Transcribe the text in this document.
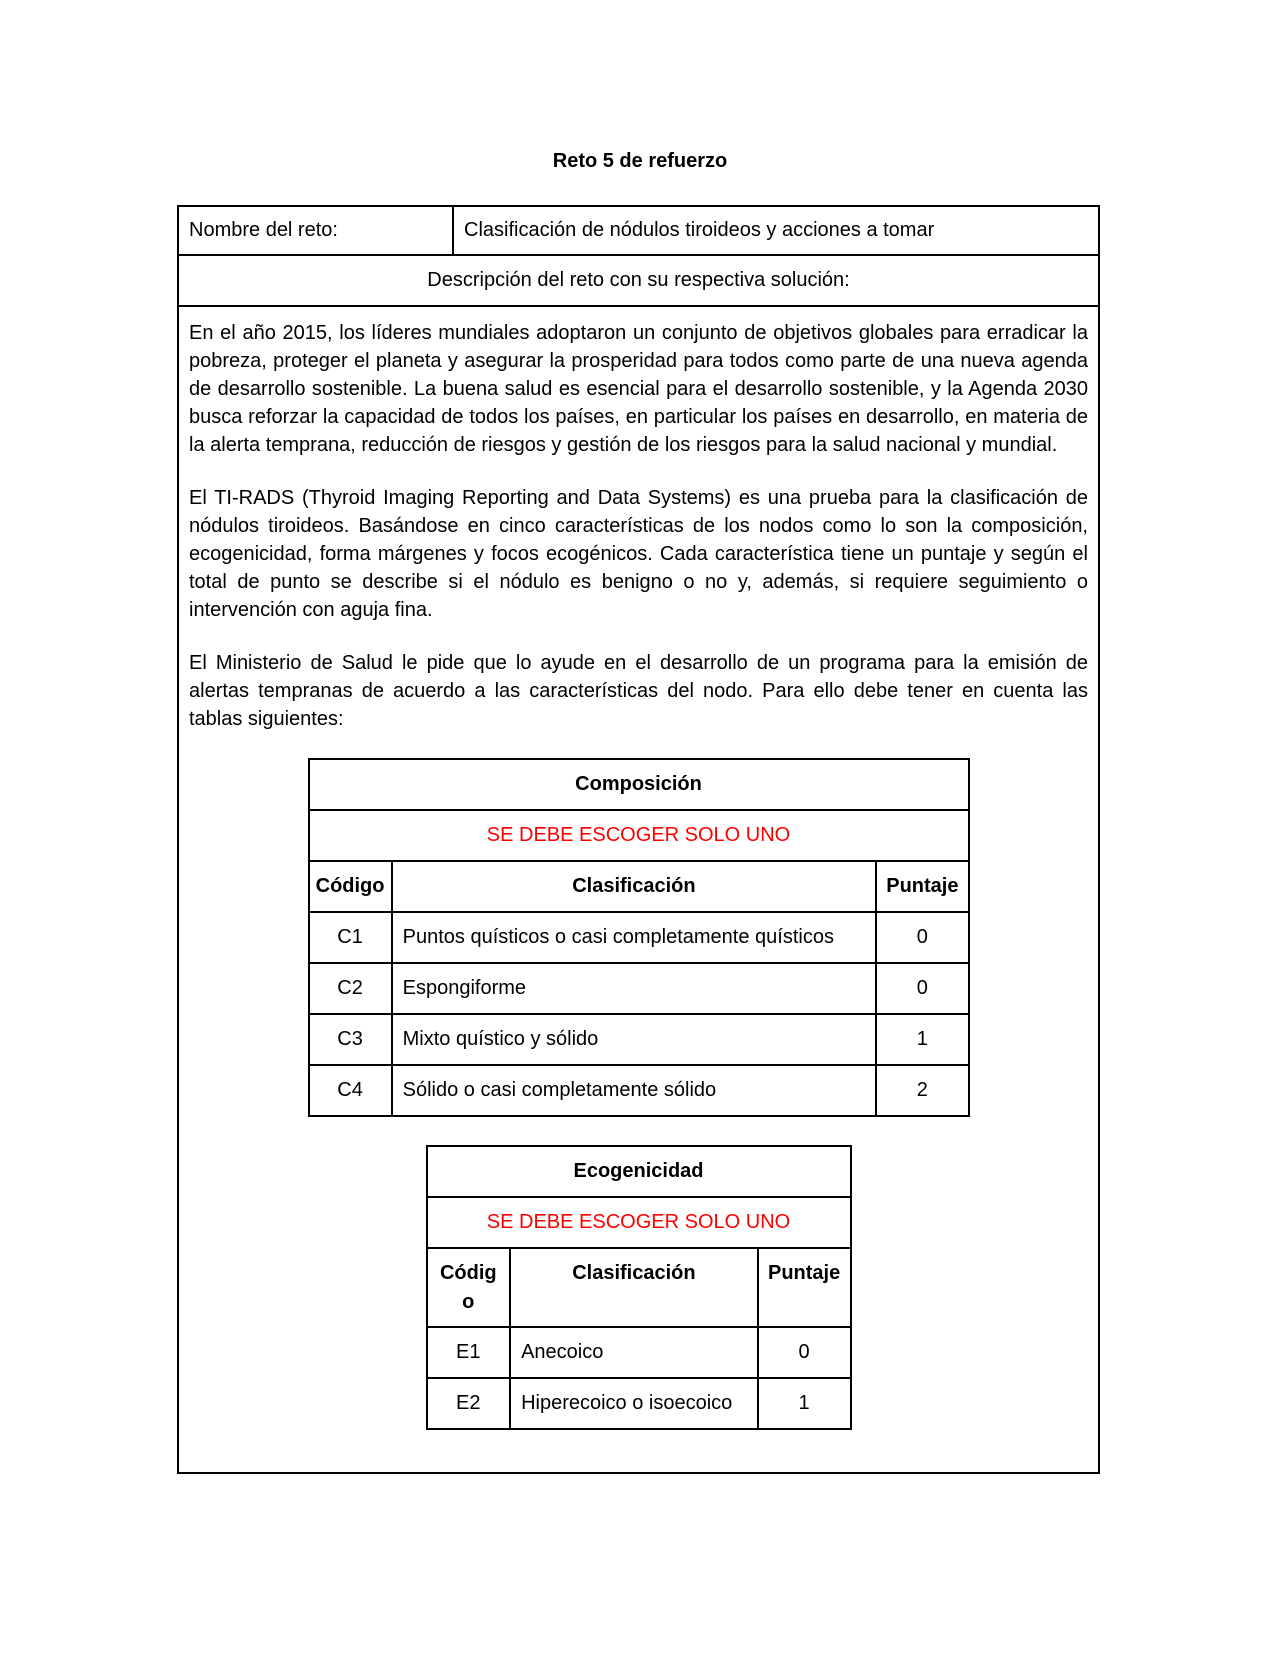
Reto 5 de refuerzo
Nombre del reto:	Clasificación de nódulos tiroideos y acciones a tomar
Descripción del reto con su respectiva solución:

En el año 2015, los líderes mundiales adoptaron un conjunto de objetivos globales para erradicar la pobreza, proteger el planeta y asegurar la prosperidad para todos como parte de una nueva agenda de desarrollo sostenible. La buena salud es esencial para el desarrollo sostenible, y la Agenda 2030 busca reforzar la capacidad de todos los países, en particular los países en desarrollo, en materia de la alerta temprana, reducción de riesgos y gestión de los riesgos para la salud nacional y mundial.

El TI-RADS (Thyroid Imaging Reporting and Data Systems) es una prueba para la clasificación de nódulos tiroideos. Basándose en cinco características de los nodos como lo son la composición, ecogenicidad, forma márgenes y focos ecogénicos. Cada característica tiene un puntaje y según el total de punto se describe si el nódulo es benigno o no y, además, si requiere seguimiento o intervención con aguja fina.

El Ministerio de Salud le pide que lo ayude en el desarrollo de un programa para la emisión de alertas tempranas de acuerdo a las características del nodo. Para ello debe tener en cuenta las tablas siguientes:

Composición		
SE DEBE ESCOGER SOLO UNO		
Código	Clasificación	Puntaje
C1	Puntos quísticos o casi completamente quísticos	0
C2	Espongiforme	0
C3	Mixto quístico y sólido	1
C4	Sólido o casi completamente sólido	2
Ecogenicidad		
SE DEBE ESCOGER SOLO UNO		
Código	Clasificación	Puntaje
E1	Anecoico	0
E2	Hiperecoico o isoecoico	1
